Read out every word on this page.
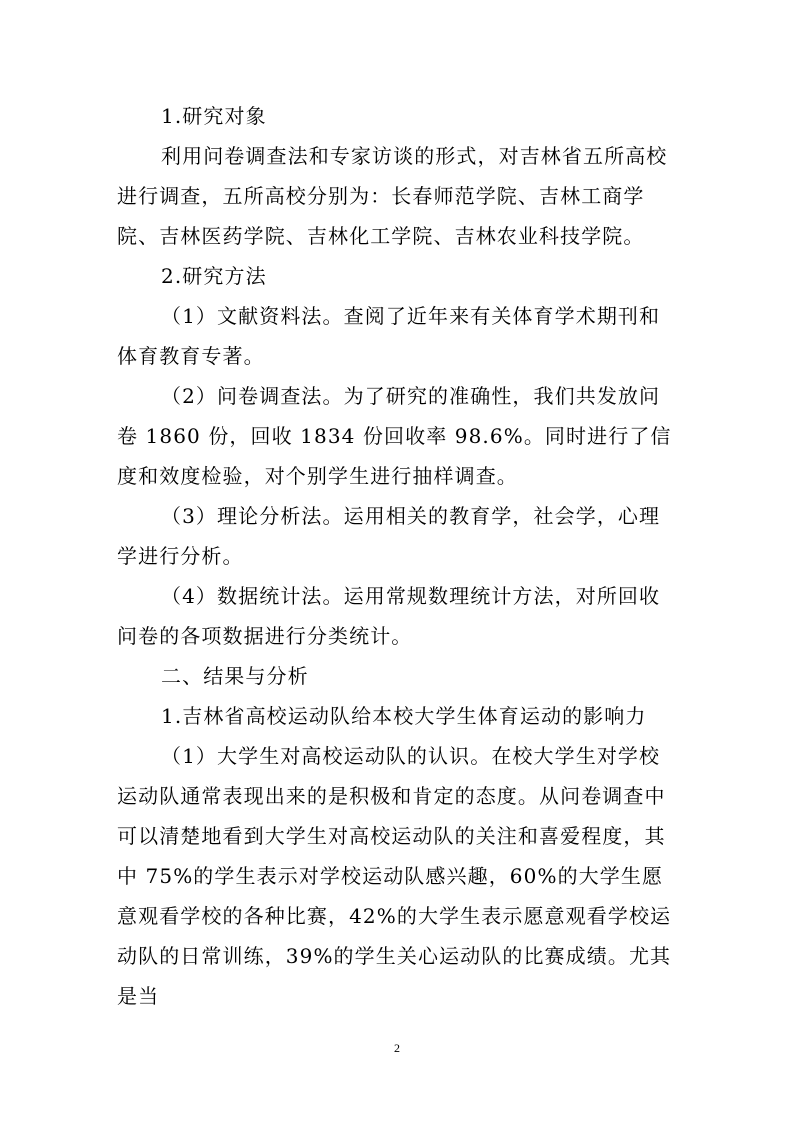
1.研究对象

利用问卷调查法和专家访谈的形式，对吉林省五所高校进行调查，五所高校分别为：长春师范学院、吉林工商学院、吉林医药学院、吉林化工学院、吉林农业科技学院。

2.研究方法

（1）文献资料法。查阅了近年来有关体育学术期刊和体育教育专著。

（2）问卷调查法。为了研究的准确性，我们共发放问卷 1860 份，回收 1834 份回收率 98.6%。同时进行了信度和效度检验，对个别学生进行抽样调查。

（3）理论分析法。运用相关的教育学，社会学，心理学进行分析。

（4）数据统计法。运用常规数理统计方法，对所回收问卷的各项数据进行分类统计。

二、结果与分析

1.吉林省高校运动队给本校大学生体育运动的影响力

（1）大学生对高校运动队的认识。在校大学生对学校运动队通常表现出来的是积极和肯定的态度。从问卷调查中可以清楚地看到大学生对高校运动队的关注和喜爱程度，其中 75%的学生表示对学校运动队感兴趣，60%的大学生愿意观看学校的各种比赛，42%的大学生表示愿意观看学校运动队的日常训练，39%的学生关心运动队的比赛成绩。尤其是当

2
